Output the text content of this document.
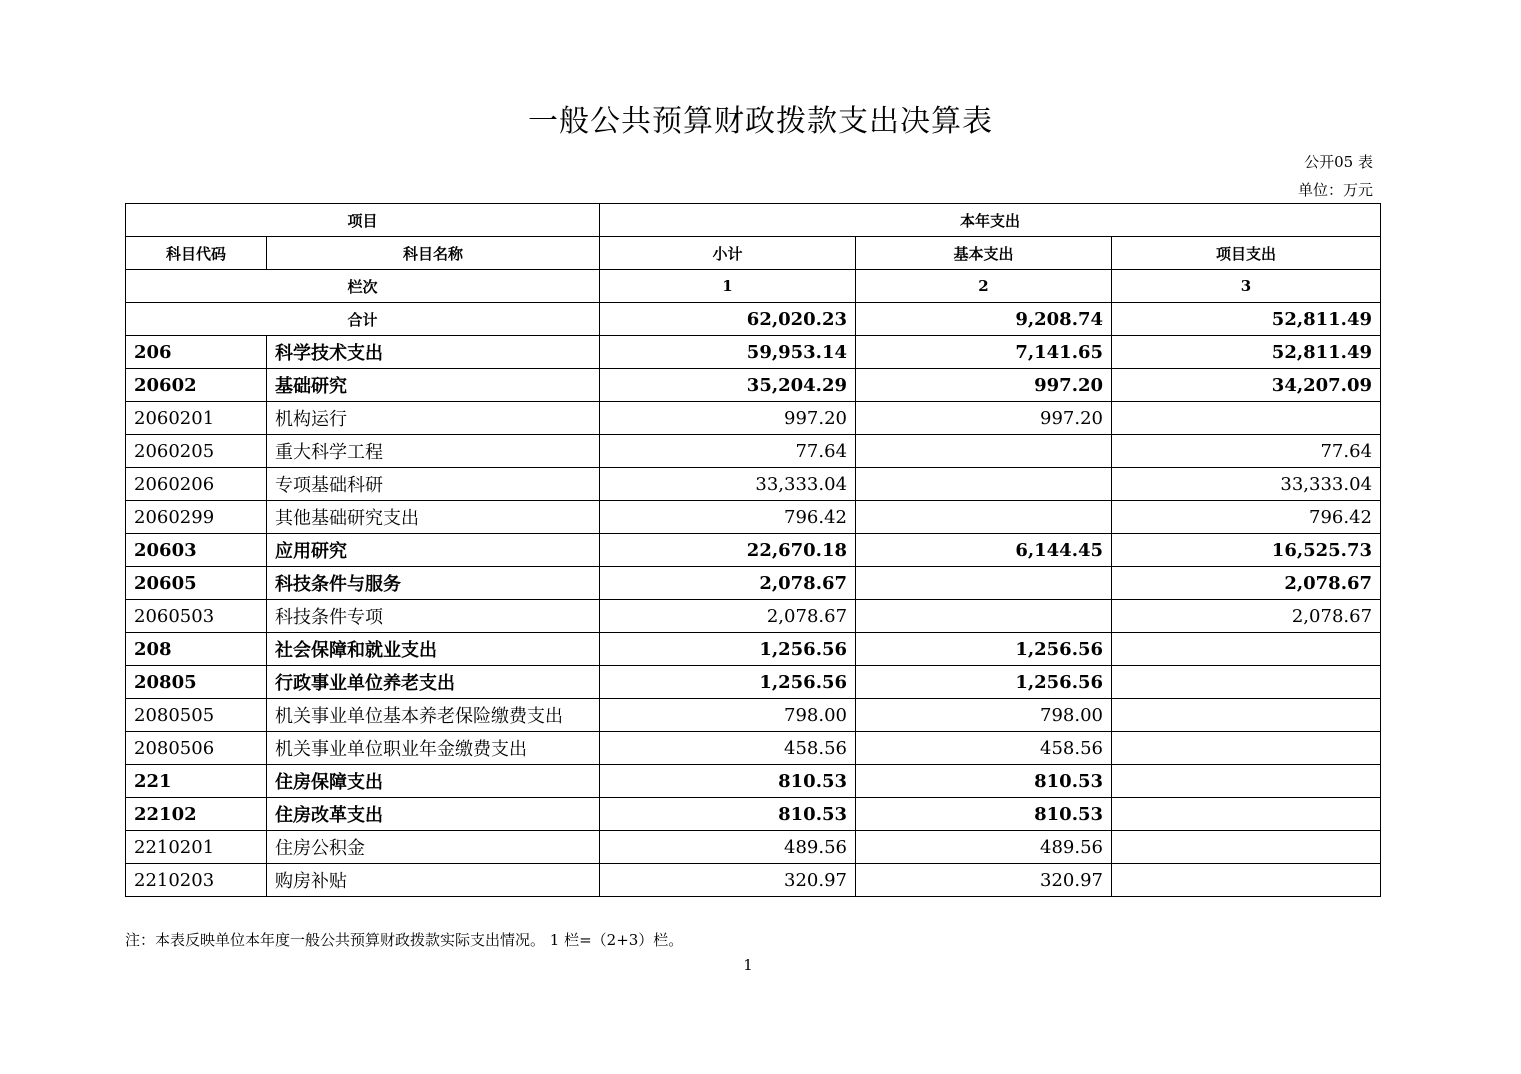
一般公共预算财政拨款支出决算表
公开05 表
单位：万元
项目		本年支出		
科目代码	科目名称	小计	基本支出	项目支出
栏次		1	2	3
合计		62,020.23	9,208.74	52,811.49
206	科学技术支出	59,953.14	7,141.65	52,811.49
20602	基础研究	35,204.29	997.20	34,207.09
2060201	机构运行	997.20	997.20	
2060205	重大科学工程	77.64		77.64
2060206	专项基础科研	33,333.04		33,333.04
2060299	其他基础研究支出	796.42		796.42
20603	应用研究	22,670.18	6,144.45	16,525.73
20605	科技条件与服务	2,078.67		2,078.67
2060503	科技条件专项	2,078.67		2,078.67
208	社会保障和就业支出	1,256.56	1,256.56	
20805	行政事业单位养老支出	1,256.56	1,256.56	
2080505	机关事业单位基本养老保险缴费支出	798.00	798.00	
2080506	机关事业单位职业年金缴费支出	458.56	458.56	
221	住房保障支出	810.53	810.53	
22102	住房改革支出	810.53	810.53	
2210201	住房公积金	489.56	489.56	
2210203	购房补贴	320.97	320.97	
注：本表反映单位本年度一般公共预算财政拨款实际支出情况。 1 栏=（2+3）栏。
1
